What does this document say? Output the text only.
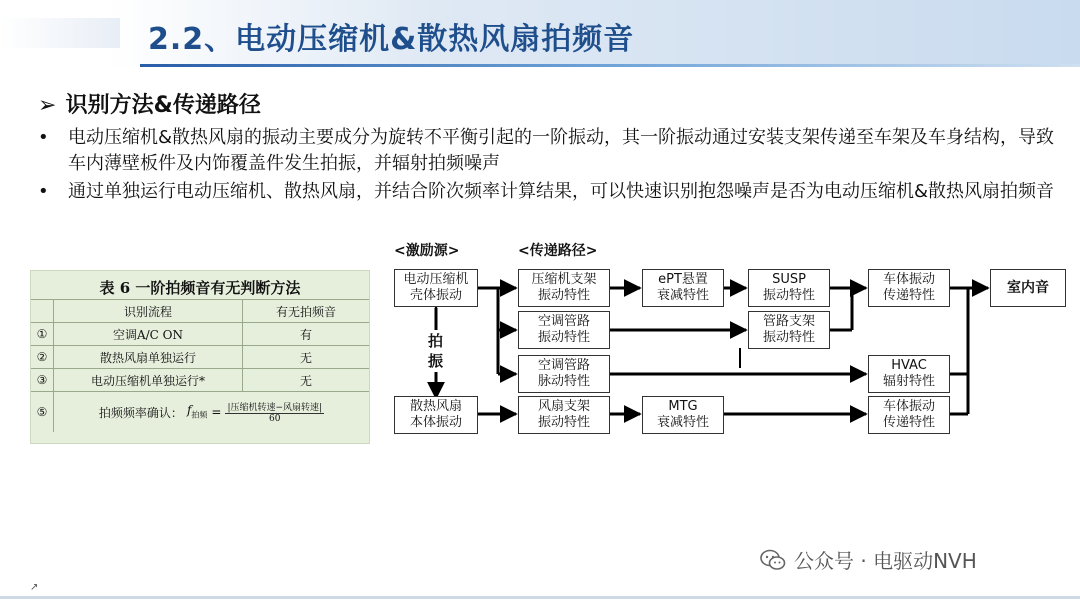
2.2、电动压缩机&散热风扇拍频音
➢ 识别方法&传递路径
• 电动压缩机&散热风扇的振动主要成分为旋转不平衡引起的一阶振动，其一阶振动通过安装支架传递至车架及车身结构，导致车内薄壁板件及内饰覆盖件发生拍振，并辐射拍频噪声
• 通过单独运行电动压缩机、散热风扇，并结合阶次频率计算结果，可以快速识别抱怨噪声是否为电动压缩机&散热风扇拍频音
表 6 一阶拍频音有无判断方法
	识别流程	有无拍频音
①	空调A/C ON	有
②	散热风扇单独运行	无
③	电动压缩机单独运行*	无
⑤	拍频频率确认： $f_{拍频} = \frac{\text{|压缩机转速−风扇转速|}}{60}$
<激励源>	<传递路径>
拍
振
电动压缩机
壳体振动
散热风扇
本体振动
压缩机支架
振动特性
空调管路
振动特性
空调管路
脉动特性
风扇支架
振动特性
ePT悬置
衰减特性
MTG
衰减特性
SUSP
振动特性
管路支架
振动特性
HVAC
辐射特性
车体振动
传递特性
车体振动
传递特性
室内音
公众号 · 电驱动NVH
↗
